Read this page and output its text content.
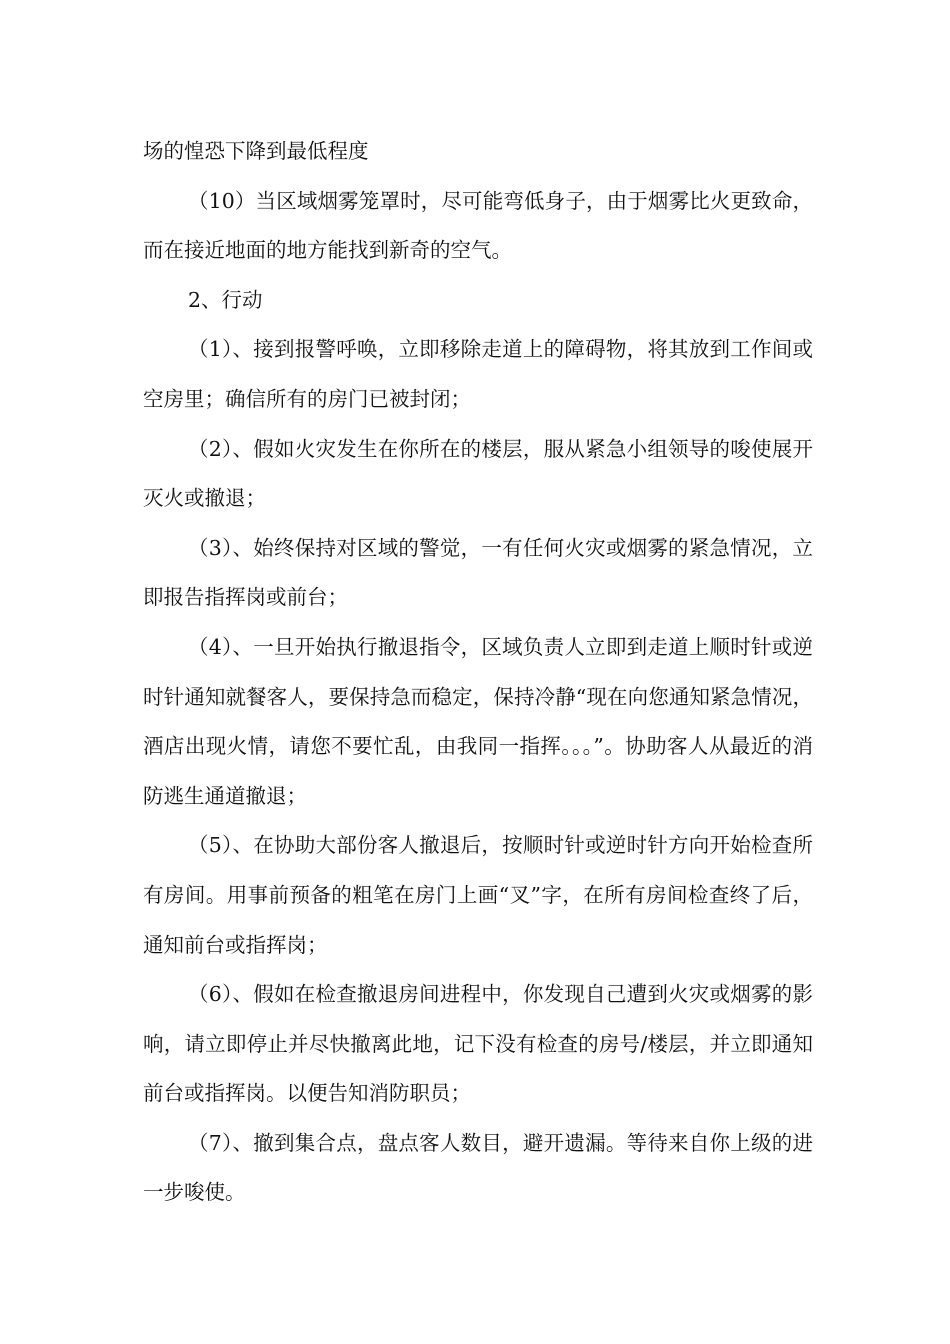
场的惶恐下降到最低程度

（10）当区域烟雾笼罩时，尽可能弯低身子，由于烟雾比火更致命，而在接近地面的地方能找到新奇的空气。

2、行动

（1）、接到报警呼唤，立即移除走道上的障碍物，将其放到工作间或空房里；确信所有的房门已被封闭；

（2）、假如火灾发生在你所在的楼层，服从紧急小组领导的唆使展开灭火或撤退；

（3）、始终保持对区域的警觉，一有任何火灾或烟雾的紧急情况，立即报告指挥岗或前台；

（4）、一旦开始执行撤退指令，区域负责人立即到走道上顺时针或逆时针通知就餐客人，要保持急而稳定，保持冷静“现在向您通知紧急情况，酒店出现火情，请您不要忙乱，由我同一指挥。。。”。协助客人从最近的消防逃生通道撤退；

（5）、在协助大部份客人撤退后，按顺时针或逆时针方向开始检查所有房间。用事前预备的粗笔在房门上画“叉”字，在所有房间检查终了后，通知前台或指挥岗；

（6）、假如在检查撤退房间进程中，你发现自己遭到火灾或烟雾的影响，请立即停止并尽快撤离此地，记下没有检查的房号/楼层，并立即通知前台或指挥岗。以便告知消防职员；

（7）、撤到集合点，盘点客人数目，避开遗漏。等待来自你上级的进一步唆使。
